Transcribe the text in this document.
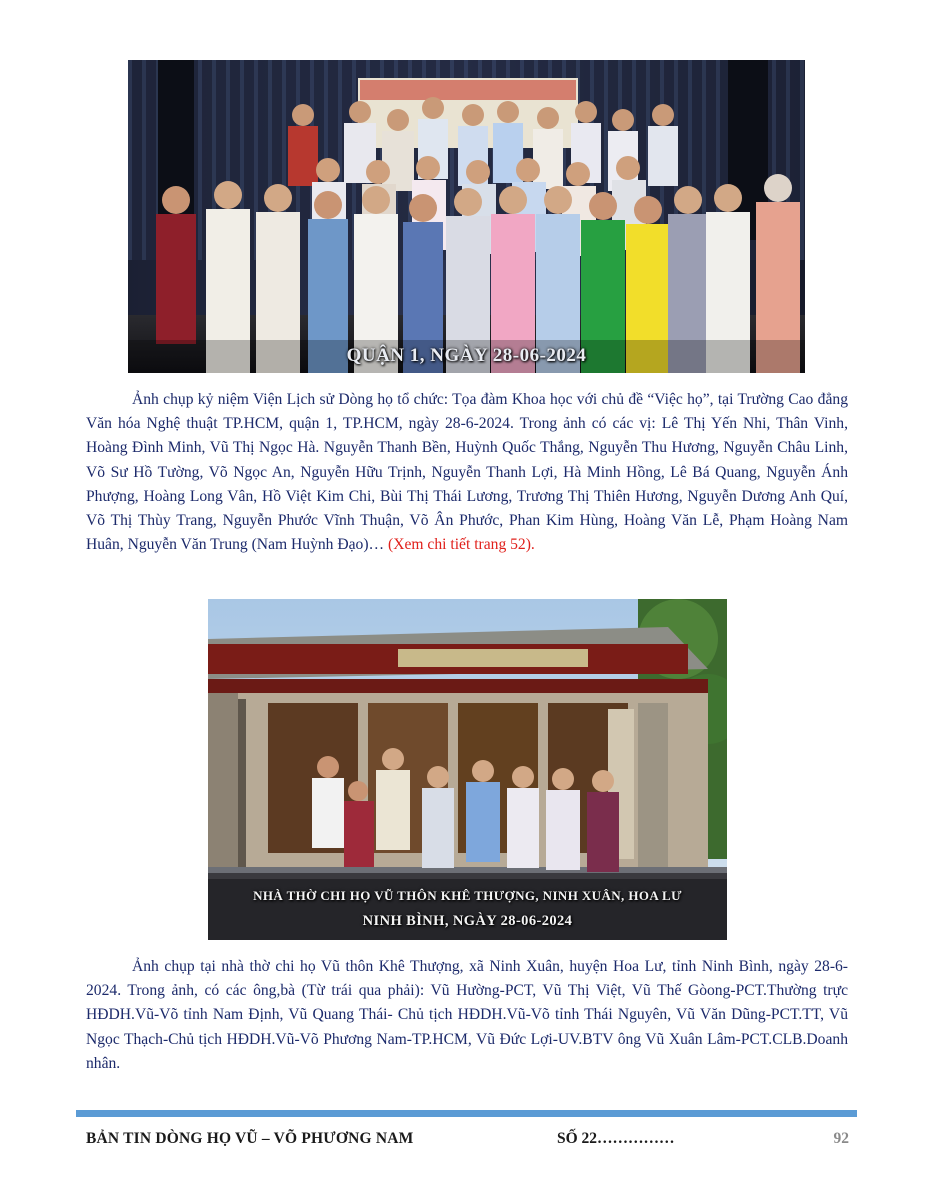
QUẬN 1, NGÀY 28-06-2024

Ảnh chụp kỷ niệm Viện Lịch sử Dòng họ tổ chức: Tọa đàm Khoa học với chủ đề “Việc họ”, tại Trường Cao đẳng Văn hóa Nghệ thuật TP.HCM, quận 1, TP.HCM, ngày 28-6-2024. Trong ảnh có các vị: Lê Thị Yến Nhi, Thân Vinh, Hoàng Đình Minh, Vũ Thị Ngọc Hà. Nguyễn Thanh Bền, Huỳnh Quốc Thắng, Nguyễn Thu Hương, Nguyễn Châu Linh, Võ Sư Hồ Tường, Võ Ngọc An, Nguyễn Hữu Trịnh, Nguyễn Thanh Lợi, Hà Minh Hồng, Lê Bá Quang, Nguyễn Ánh Phượng, Hoàng Long Vân, Hồ Việt Kim Chi, Bùi Thị Thái Lương, Trương Thị Thiên Hương, Nguyễn Dương Anh Quí, Võ Thị Thùy Trang, Nguyễn Phước Vĩnh Thuận, Võ Ân Phước, Phan Kim Hùng, Hoàng Văn Lễ, Phạm Hoàng Nam Huân, Nguyễn Văn Trung (Nam Huỳnh Đạo)… (Xem chi tiết trang 52).

NHÀ THỜ CHI HỌ VŨ THÔN KHÊ THƯỢNG, NINH XUÂN, HOA LƯ
NINH BÌNH, NGÀY 28-06-2024

Ảnh chụp tại nhà thờ chi họ Vũ thôn Khê Thượng, xã Ninh Xuân, huyện Hoa Lư, tỉnh Ninh Bình, ngày 28-6-2024. Trong ảnh, có các ông,bà (Từ trái qua phải): Vũ Hường-PCT, Vũ Thị Việt, Vũ Thế Gòong-PCT.Thường trực HĐDH.Vũ-Võ tỉnh Nam Định, Vũ Quang Thái- Chủ tịch HĐDH.Vũ-Võ tỉnh Thái Nguyên, Vũ Văn Dũng-PCT.TT, Vũ Ngọc Thạch-Chủ tịch HĐDH.Vũ-Võ Phương Nam-TP.HCM, Vũ Đức Lợi-UV.BTV ông Vũ Xuân Lâm-PCT.CLB.Doanh nhân.

BẢN TIN DÒNG HỌ VŨ – VÕ PHƯƠNG NAM	SỐ 22……………	92
